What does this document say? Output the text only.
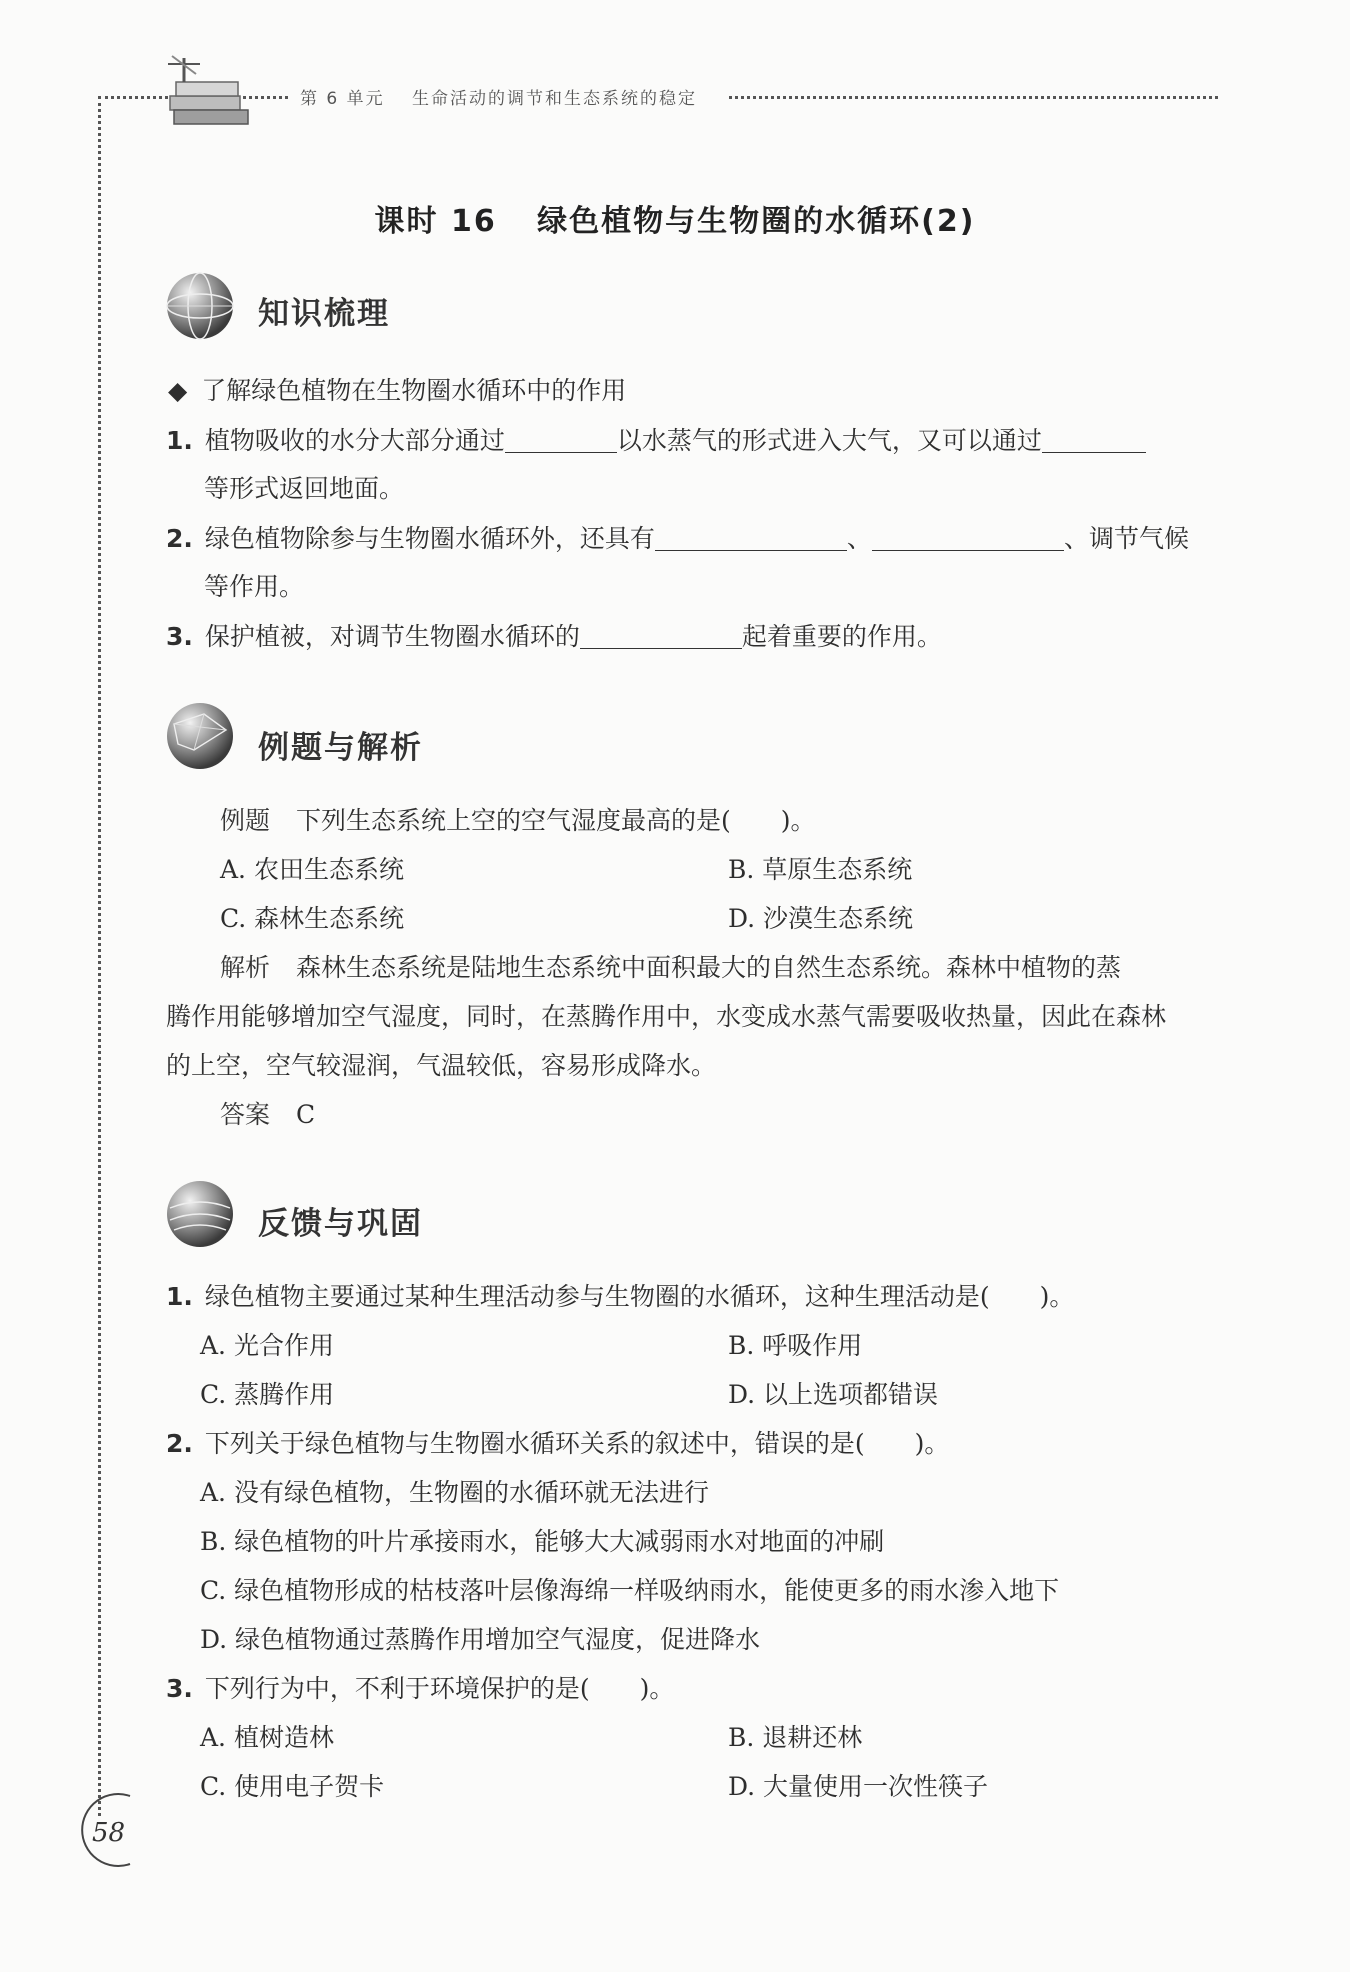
第 6 单元 生命活动的调节和生态系统的稳定
课时 16 绿色植物与生物圈的水循环(2)
知识梳理
◆ 了解绿色植物在生物圈水循环中的作用
1. 植物吸收的水分大部分通过	以水蒸气的形式进入大气，又可以通过
等形式返回地面。
2. 绿色植物除参与生物圈水循环外，还具有	、	、调节气候
等作用。
3. 保护植被，对调节生物圈水循环的	起着重要的作用。
例题与解析
例题 下列生态系统上空的空气湿度最高的是(　　)。
A. 农田生态系统	B. 草原生态系统
C. 森林生态系统	D. 沙漠生态系统
解析 森林生态系统是陆地生态系统中面积最大的自然生态系统。森林中植物的蒸
腾作用能够增加空气湿度，同时，在蒸腾作用中，水变成水蒸气需要吸收热量，因此在森林
的上空，空气较湿润，气温较低，容易形成降水。
答案 C
反馈与巩固
1. 绿色植物主要通过某种生理活动参与生物圈的水循环，这种生理活动是(　　)。
A. 光合作用	B. 呼吸作用
C. 蒸腾作用	D. 以上选项都错误
2. 下列关于绿色植物与生物圈水循环关系的叙述中，错误的是(　　)。
A. 没有绿色植物，生物圈的水循环就无法进行
B. 绿色植物的叶片承接雨水，能够大大减弱雨水对地面的冲刷
C. 绿色植物形成的枯枝落叶层像海绵一样吸纳雨水，能使更多的雨水渗入地下
D. 绿色植物通过蒸腾作用增加空气湿度，促进降水
3. 下列行为中，不利于环境保护的是(　　)。
A. 植树造林	B. 退耕还林
C. 使用电子贺卡	D. 大量使用一次性筷子
58
